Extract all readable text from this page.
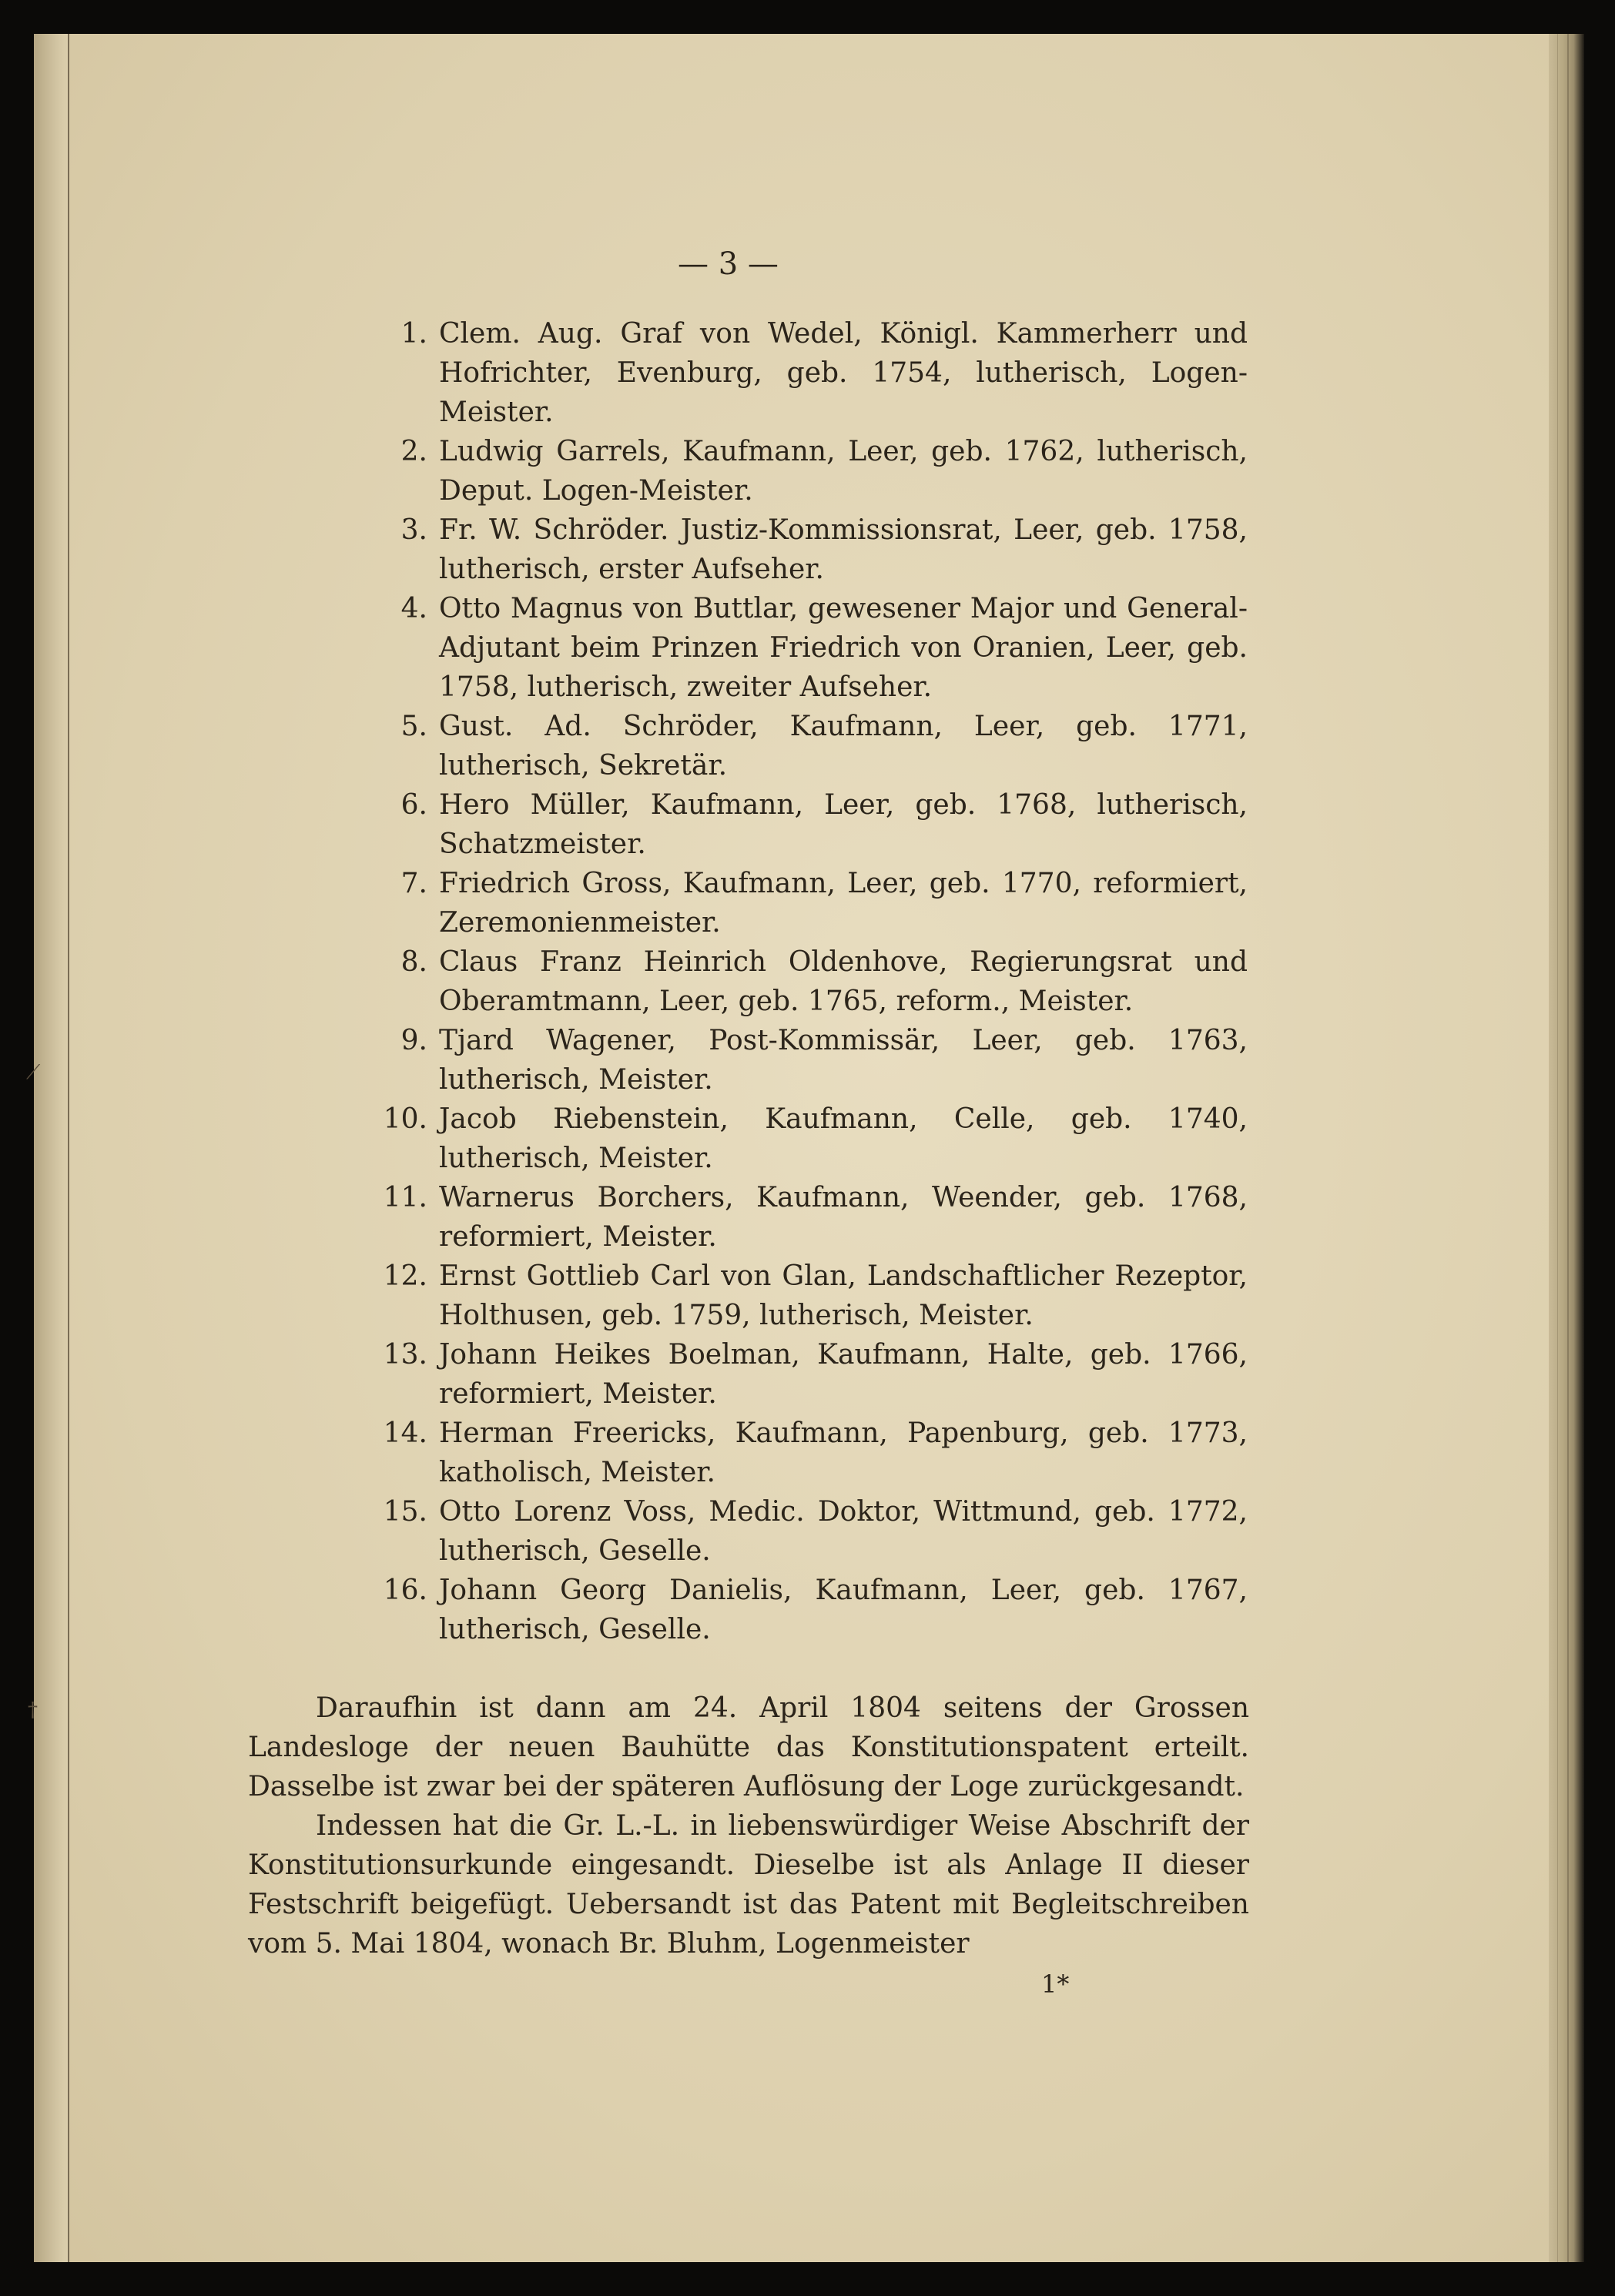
— 3 —
1. Clem. Aug. Graf von Wedel, Königl. Kammerherr und Hofrichter, Evenburg, geb. 1754, lutherisch, Logen-Meister.
2. Ludwig Garrels, Kaufmann, Leer, geb. 1762, lutherisch, Deput. Logen-Meister.
3. Fr. W. Schröder. Justiz-Kommissionsrat, Leer, geb. 1758, lutherisch, erster Aufseher.
4. Otto Magnus von Buttlar, gewesener Major und General-Adjutant beim Prinzen Friedrich von Oranien, Leer, geb. 1758, lutherisch, zweiter Aufseher.
5. Gust. Ad. Schröder, Kaufmann, Leer, geb. 1771, lutherisch, Sekretär.
6. Hero Müller, Kaufmann, Leer, geb. 1768, lutherisch, Schatzmeister.
7. Friedrich Gross, Kaufmann, Leer, geb. 1770, reformiert, Zeremonienmeister.
8. Claus Franz Heinrich Oldenhove, Regierungsrat und Oberamtmann, Leer, geb. 1765, reform., Meister.
9. Tjard Wagener, Post-Kommissär, Leer, geb. 1763, lutherisch, Meister.
10. Jacob Riebenstein, Kaufmann, Celle, geb. 1740, lutherisch, Meister.
11. Warnerus Borchers, Kaufmann, Weender, geb. 1768, reformiert, Meister.
12. Ernst Gottlieb Carl von Glan, Landschaftlicher Rezeptor, Holthusen, geb. 1759, lutherisch, Meister.
13. Johann Heikes Boelman, Kaufmann, Halte, geb. 1766, reformiert, Meister.
14. Herman Freericks, Kaufmann, Papenburg, geb. 1773, katholisch, Meister.
15. Otto Lorenz Voss, Medic. Doktor, Wittmund, geb. 1772, lutherisch, Geselle.
16. Johann Georg Danielis, Kaufmann, Leer, geb. 1767, lutherisch, Geselle.
Daraufhin ist dann am 24. April 1804 seitens der Grossen Landesloge der neuen Bauhütte das Konstitutionspatent erteilt. Dasselbe ist zwar bei der späteren Auflösung der Loge zurückgesandt.
Indessen hat die Gr. L.-L. in liebenswürdiger Weise Abschrift der Konstitutionsurkunde eingesandt. Dieselbe ist als Anlage II dieser Festschrift beigefügt. Uebersandt ist das Patent mit Begleitschreiben vom 5. Mai 1804, wonach Br. Bluhm, Logenmeister
1*
⟋
†
